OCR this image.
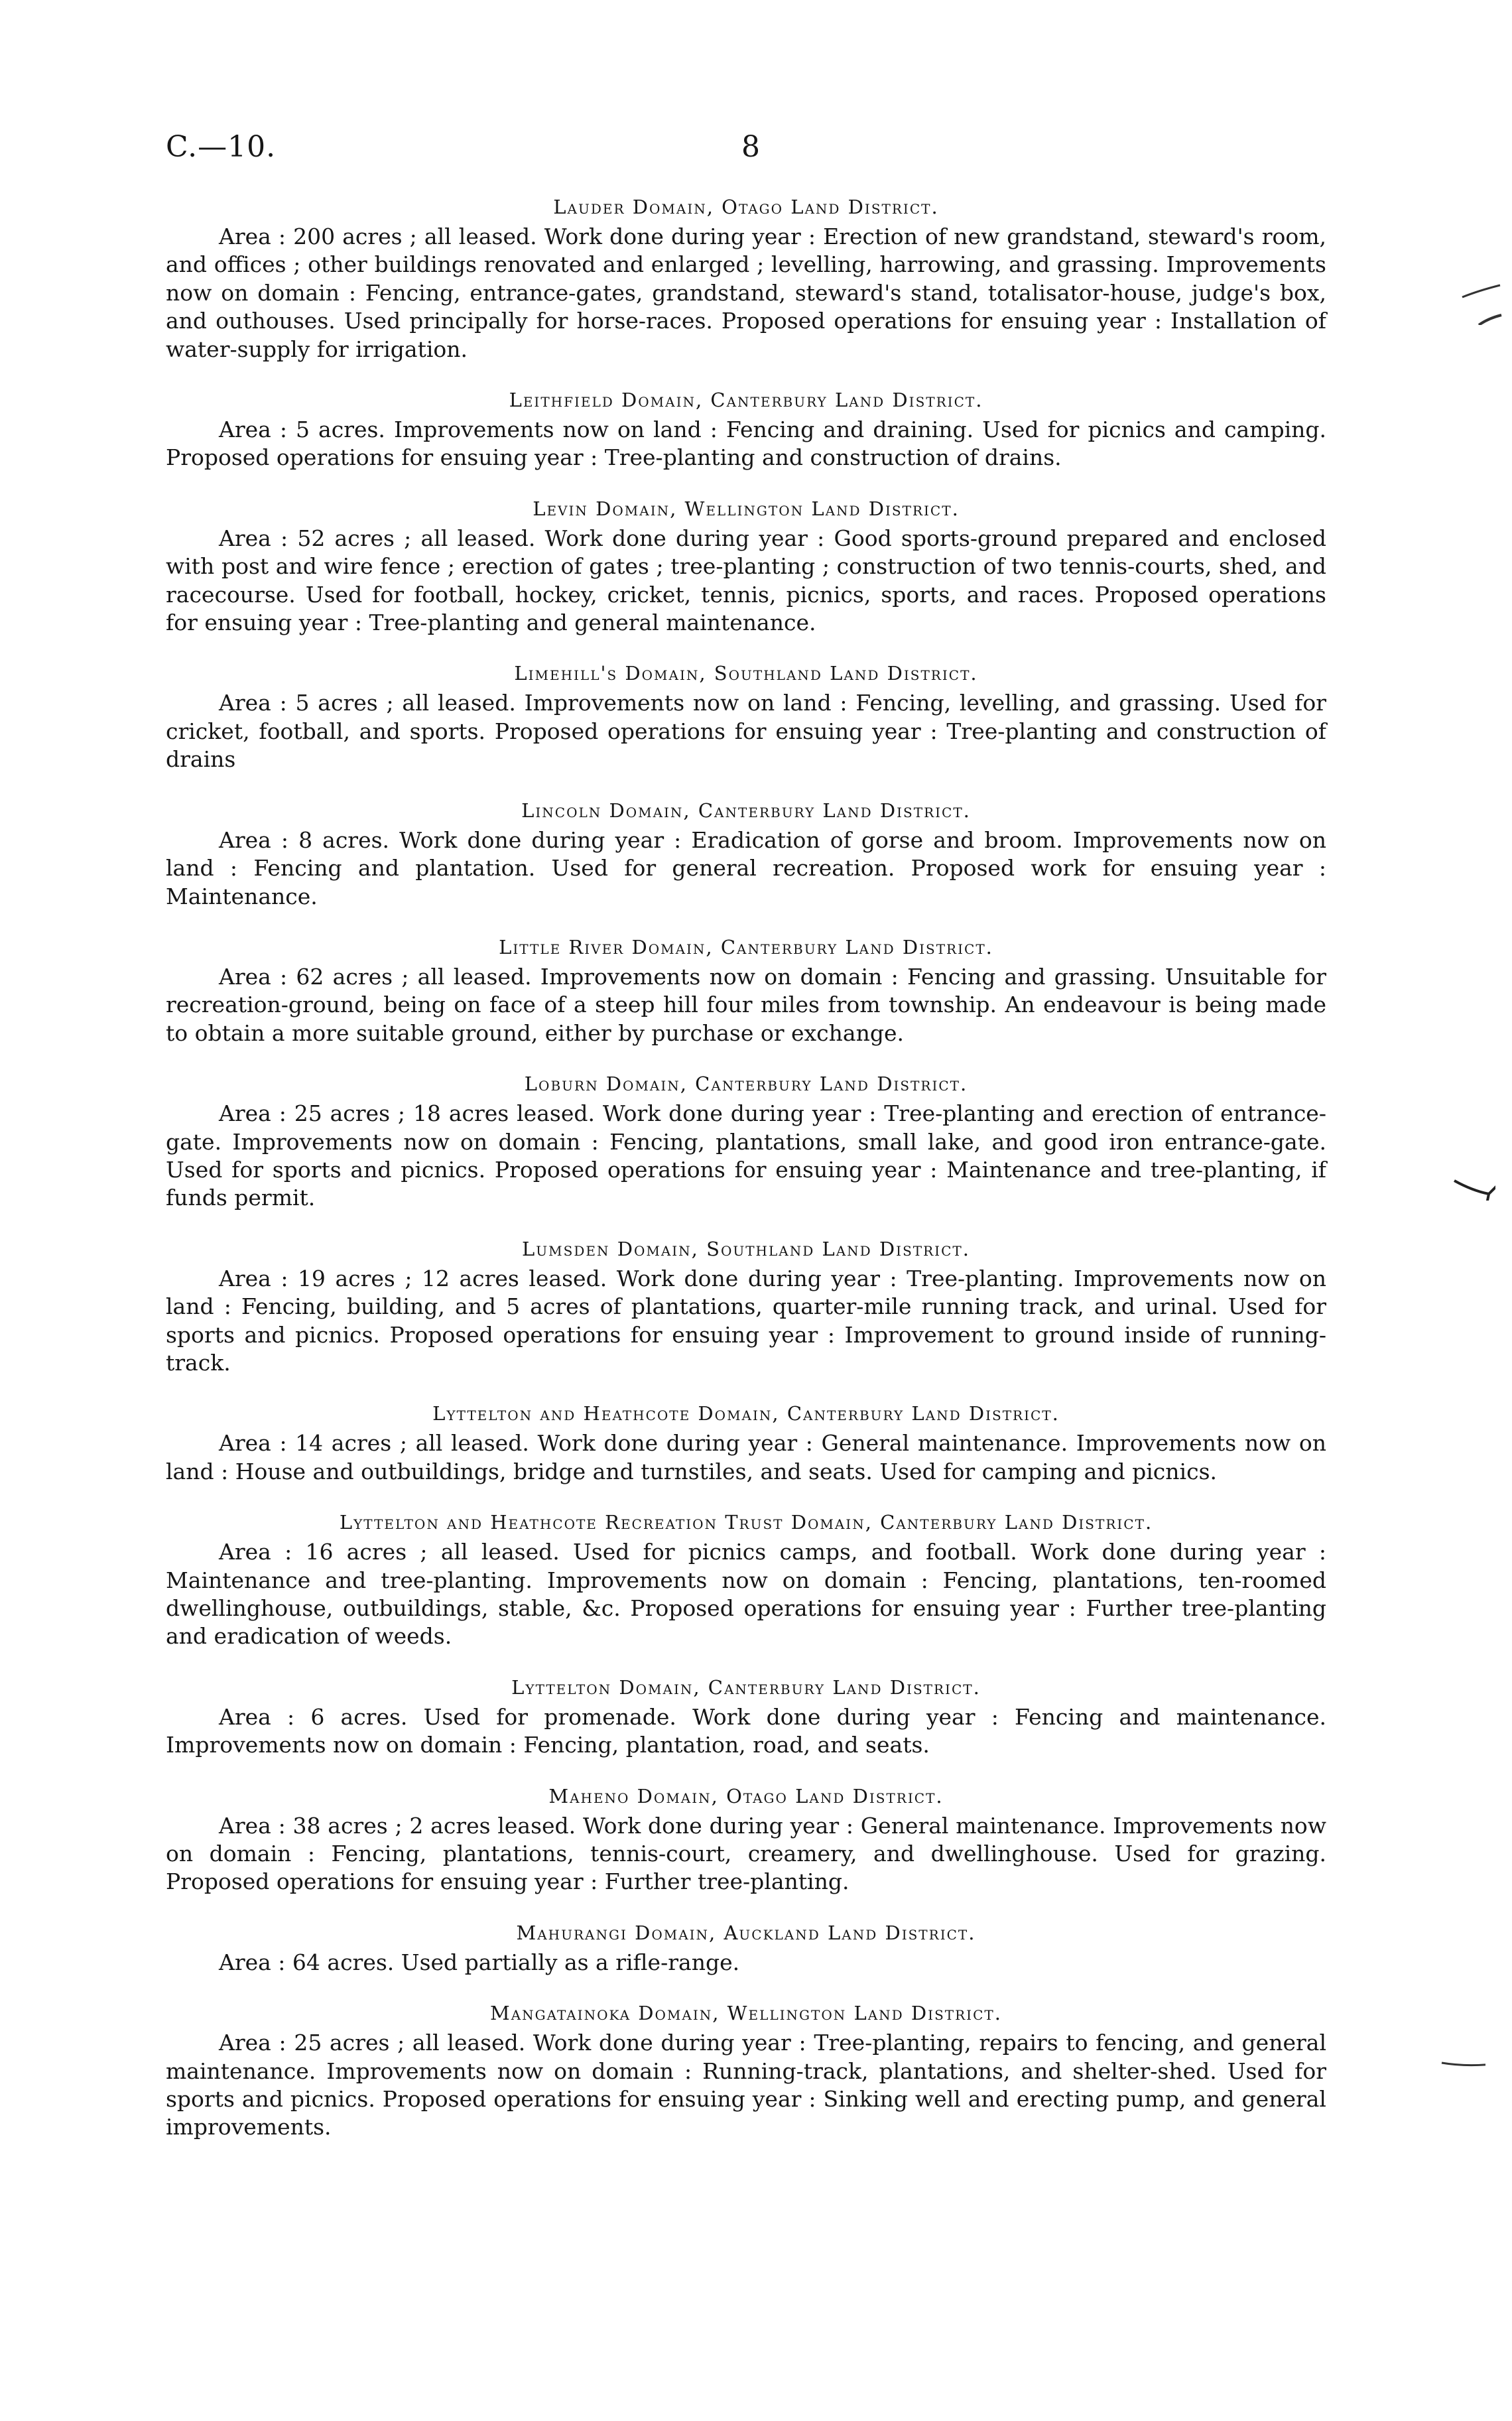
C.—10.	8
Lauder Domain, Otago Land District.

Area : 200 acres ; all leased. Work done during year : Erection of new grandstand, steward's room, and offices ; other buildings renovated and enlarged ; levelling, harrowing, and grassing. Improvements now on domain : Fencing, entrance-gates, grandstand, steward's stand, totalisator-house, judge's box, and outhouses. Used principally for horse-races. Proposed operations for ensuing year : Installation of water-supply for irrigation.

Leithfield Domain, Canterbury Land District.

Area : 5 acres. Improvements now on land : Fencing and draining. Used for picnics and camping. Proposed operations for ensuing year : Tree-planting and construction of drains.

Levin Domain, Wellington Land District.

Area : 52 acres ; all leased. Work done during year : Good sports-ground prepared and enclosed with post and wire fence ; erection of gates ; tree-planting ; construction of two tennis-courts, shed, and racecourse. Used for football, hockey, cricket, tennis, picnics, sports, and races. Proposed operations for ensuing year : Tree-planting and general maintenance.

Limehill's Domain, Southland Land District.

Area : 5 acres ; all leased. Improvements now on land : Fencing, levelling, and grassing. Used for cricket, football, and sports. Proposed operations for ensuing year : Tree-planting and construction of drains

Lincoln Domain, Canterbury Land District.

Area : 8 acres. Work done during year : Eradication of gorse and broom. Improvements now on land : Fencing and plantation. Used for general recreation. Proposed work for ensuing year : Maintenance.

Little River Domain, Canterbury Land District.

Area : 62 acres ; all leased. Improvements now on domain : Fencing and grassing. Unsuitable for recreation-ground, being on face of a steep hill four miles from township. An endeavour is being made to obtain a more suitable ground, either by purchase or exchange.

Loburn Domain, Canterbury Land District.

Area : 25 acres ; 18 acres leased. Work done during year : Tree-planting and erection of entrance-gate. Improvements now on domain : Fencing, plantations, small lake, and good iron entrance-gate. Used for sports and picnics. Proposed operations for ensuing year : Maintenance and tree-planting, if funds permit.

Lumsden Domain, Southland Land District.

Area : 19 acres ; 12 acres leased. Work done during year : Tree-planting. Improvements now on land : Fencing, building, and 5 acres of plantations, quarter-mile running track, and urinal. Used for sports and picnics. Proposed operations for ensuing year : Improvement to ground inside of running-track.

Lyttelton and Heathcote Domain, Canterbury Land District.

Area : 14 acres ; all leased. Work done during year : General maintenance. Improvements now on land : House and outbuildings, bridge and turnstiles, and seats. Used for camping and picnics.

Lyttelton and Heathcote Recreation Trust Domain, Canterbury Land District.

Area : 16 acres ; all leased. Used for picnics camps, and football. Work done during year : Maintenance and tree-planting. Improvements now on domain : Fencing, plantations, ten-roomed dwellinghouse, outbuildings, stable, &c. Proposed operations for ensuing year : Further tree-planting and eradication of weeds.

Lyttelton Domain, Canterbury Land District.

Area : 6 acres. Used for promenade. Work done during year : Fencing and maintenance. Improvements now on domain : Fencing, plantation, road, and seats.

Maheno Domain, Otago Land District.

Area : 38 acres ; 2 acres leased. Work done during year : General maintenance. Improvements now on domain : Fencing, plantations, tennis-court, creamery, and dwellinghouse. Used for grazing. Proposed operations for ensuing year : Further tree-planting.

Mahurangi Domain, Auckland Land District.

Area : 64 acres. Used partially as a rifle-range.

Mangatainoka Domain, Wellington Land District.

Area : 25 acres ; all leased. Work done during year : Tree-planting, repairs to fencing, and general maintenance. Improvements now on domain : Running-track, plantations, and shelter-shed. Used for sports and picnics. Proposed operations for ensuing year : Sinking well and erecting pump, and general improvements.
